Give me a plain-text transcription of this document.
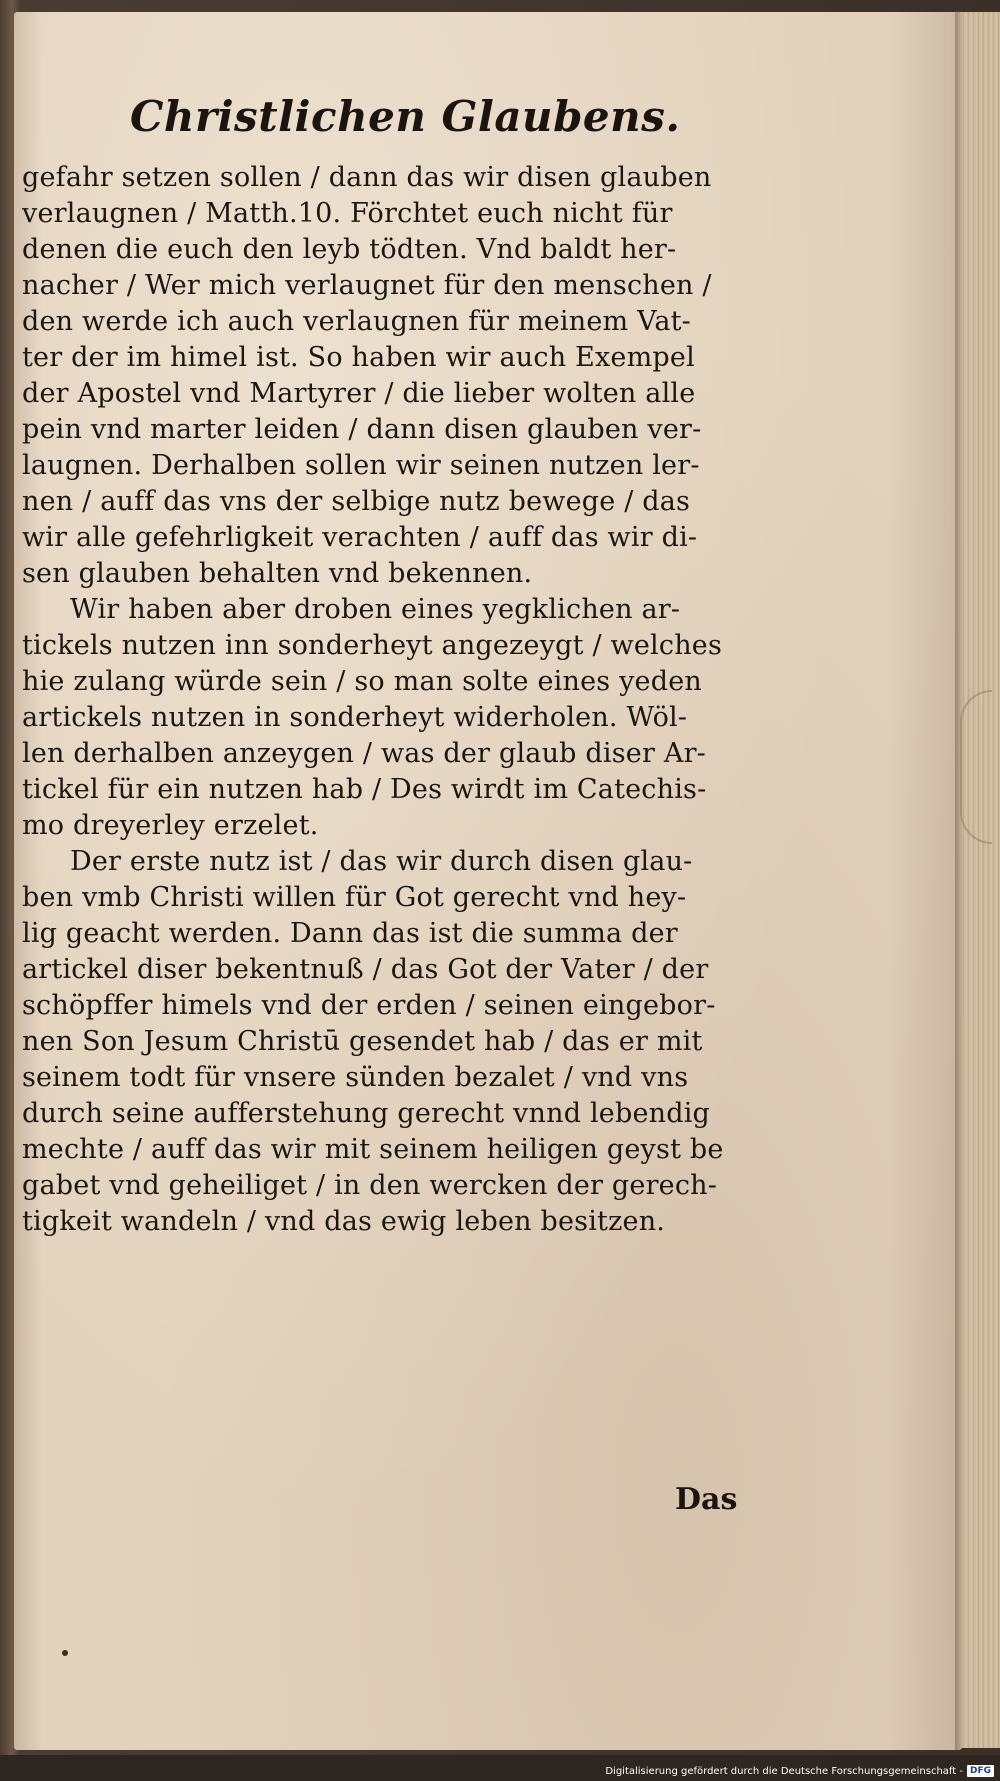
Christlichen Glaubens.
gefahr setzen sollen / dann das wir disen glauben
verlaugnen / Matth.10. Förchtet euch nicht für
denen die euch den leyb tödten. Vnd baldt her-
nacher / Wer mich verlaugnet für den menschen /
den werde ich auch verlaugnen für meinem Vat-
ter der im himel ist. So haben wir auch Exempel
der Apostel vnd Martyrer / die lieber wolten alle
pein vnd marter leiden / dann disen glauben ver-
laugnen. Derhalben sollen wir seinen nutzen ler-
nen / auff das vns der selbige nutz bewege / das
wir alle gefehrligkeit verachten / auff das wir di-
sen glauben behalten vnd bekennen.
Wir haben aber droben eines yegklichen ar-
tickels nutzen inn sonderheyt angezeygt / welches
hie zulang würde sein / so man solte eines yeden
artickels nutzen in sonderheyt widerholen. Wöl-
len derhalben anzeygen / was der glaub diser Ar-
tickel für ein nutzen hab / Des wirdt im Catechis-
mo dreyerley erzelet.
Der erste nutz ist / das wir durch disen glau-
ben vmb Christi willen für Got gerecht vnd hey-
lig geacht werden. Dann das ist die summa der
artickel diser bekentnuß / das Got der Vater / der
schöpffer himels vnd der erden / seinen eingebor-
nen Son Jesum Christū gesendet hab / das er mit
seinem todt für vnsere sünden bezalet / vnd vns
durch seine aufferstehung gerecht vnnd lebendig
mechte / auff das wir mit seinem heiligen geyst be
gabet vnd geheiliget / in den wercken der gerech-
tigkeit wandeln / vnd das ewig leben besitzen.
Das
Digitalisierung gefördert durch die Deutsche Forschungsgemeinschaft - DFG
